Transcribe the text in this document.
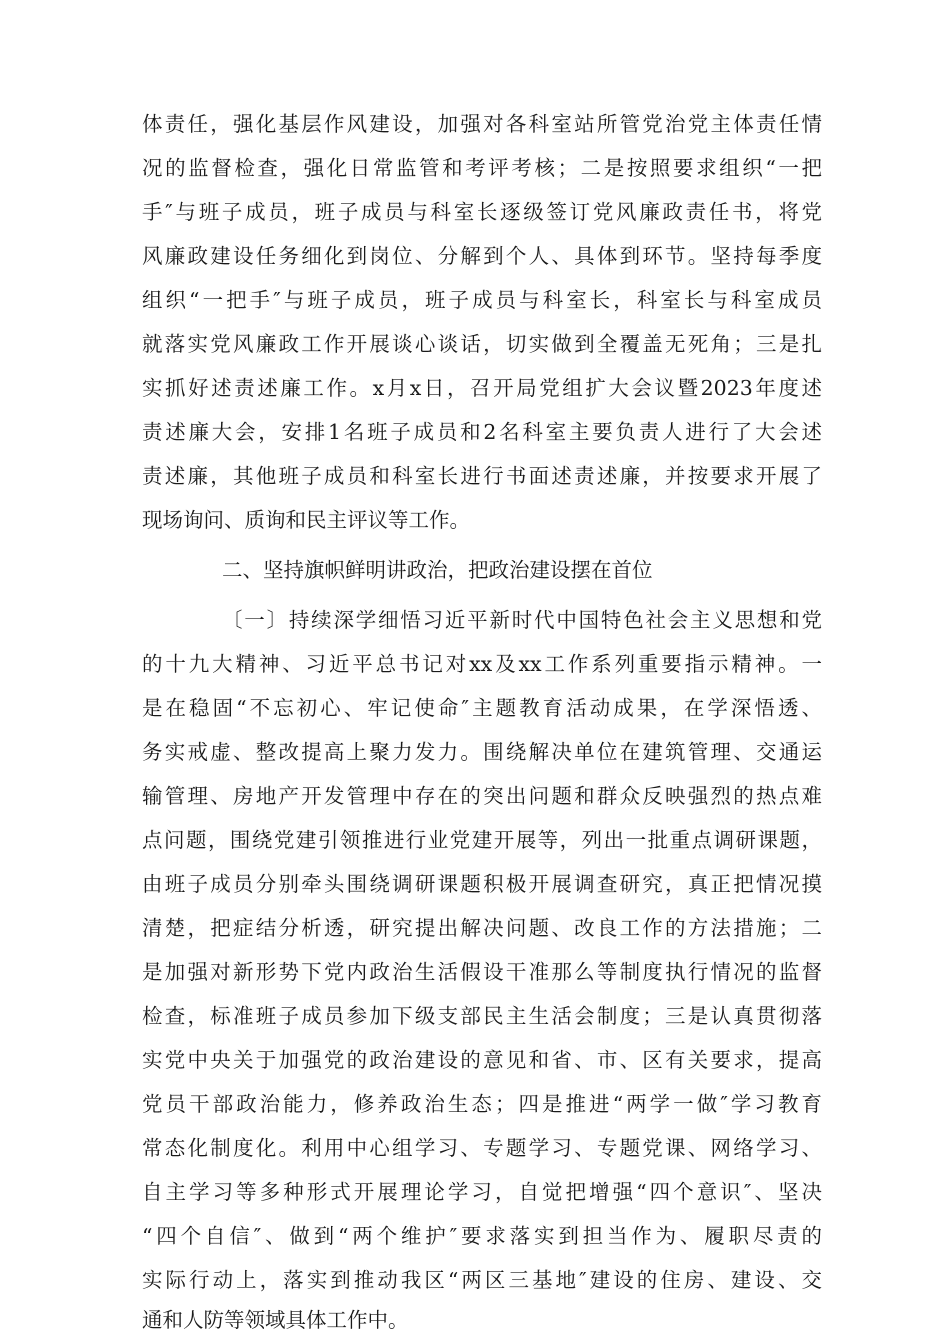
体责任，强化基层作风建设，加强对各科室站所管党治党主体责任情
况的监督检查，强化日常监管和考评考核；二是按照要求组织“一把
手″与班子成员，班子成员与科室长逐级签订党风廉政责任书，将党
风廉政建设任务细化到岗位、分解到个人、具体到环节。坚持每季度
组织“一把手″与班子成员，班子成员与科室长，科室长与科室成员
就落实党风廉政工作开展谈心谈话，切实做到全覆盖无死角；三是扎
实抓好述责述廉工作。x月x日，召开局党组扩大会议暨2023年度述
责述廉大会，安排1名班子成员和2名科室主要负责人进行了大会述
责述廉，其他班子成员和科室长进行书面述责述廉，并按要求开展了
现场询问、质询和民主评议等工作。
二、坚持旗帜鲜明讲政治，把政治建设摆在首位
〔一〕持续深学细悟习近平新时代中国特色社会主义思想和党
的十九大精神、习近平总书记对xx及xx工作系列重要指示精神。一
是在稳固“不忘初心、牢记使命″主题教育活动成果，在学深悟透、
务实戒虚、整改提高上聚力发力。围绕解决单位在建筑管理、交通运
输管理、房地产开发管理中存在的突出问题和群众反映强烈的热点难
点问题，围绕党建引领推进行业党建开展等，列出一批重点调研课题，
由班子成员分别牵头围绕调研课题积极开展调查研究，真正把情况摸
清楚，把症结分析透，研究提出解决问题、改良工作的方法措施；二
是加强对新形势下党内政治生活假设干准那么等制度执行情况的监督
检查，标准班子成员参加下级支部民主生活会制度；三是认真贯彻落
实党中央关于加强党的政治建设的意见和省、市、区有关要求，提高
党员干部政治能力，修养政治生态；四是推进“两学一做″学习教育
常态化制度化。利用中心组学习、专题学习、专题党课、网络学习、
自主学习等多种形式开展理论学习，自觉把增强“四个意识″、坚决
“四个自信″、做到“两个维护″要求落实到担当作为、履职尽责的
实际行动上，落实到推动我区“两区三基地″建设的住房、建设、交
通和人防等领域具体工作中。
